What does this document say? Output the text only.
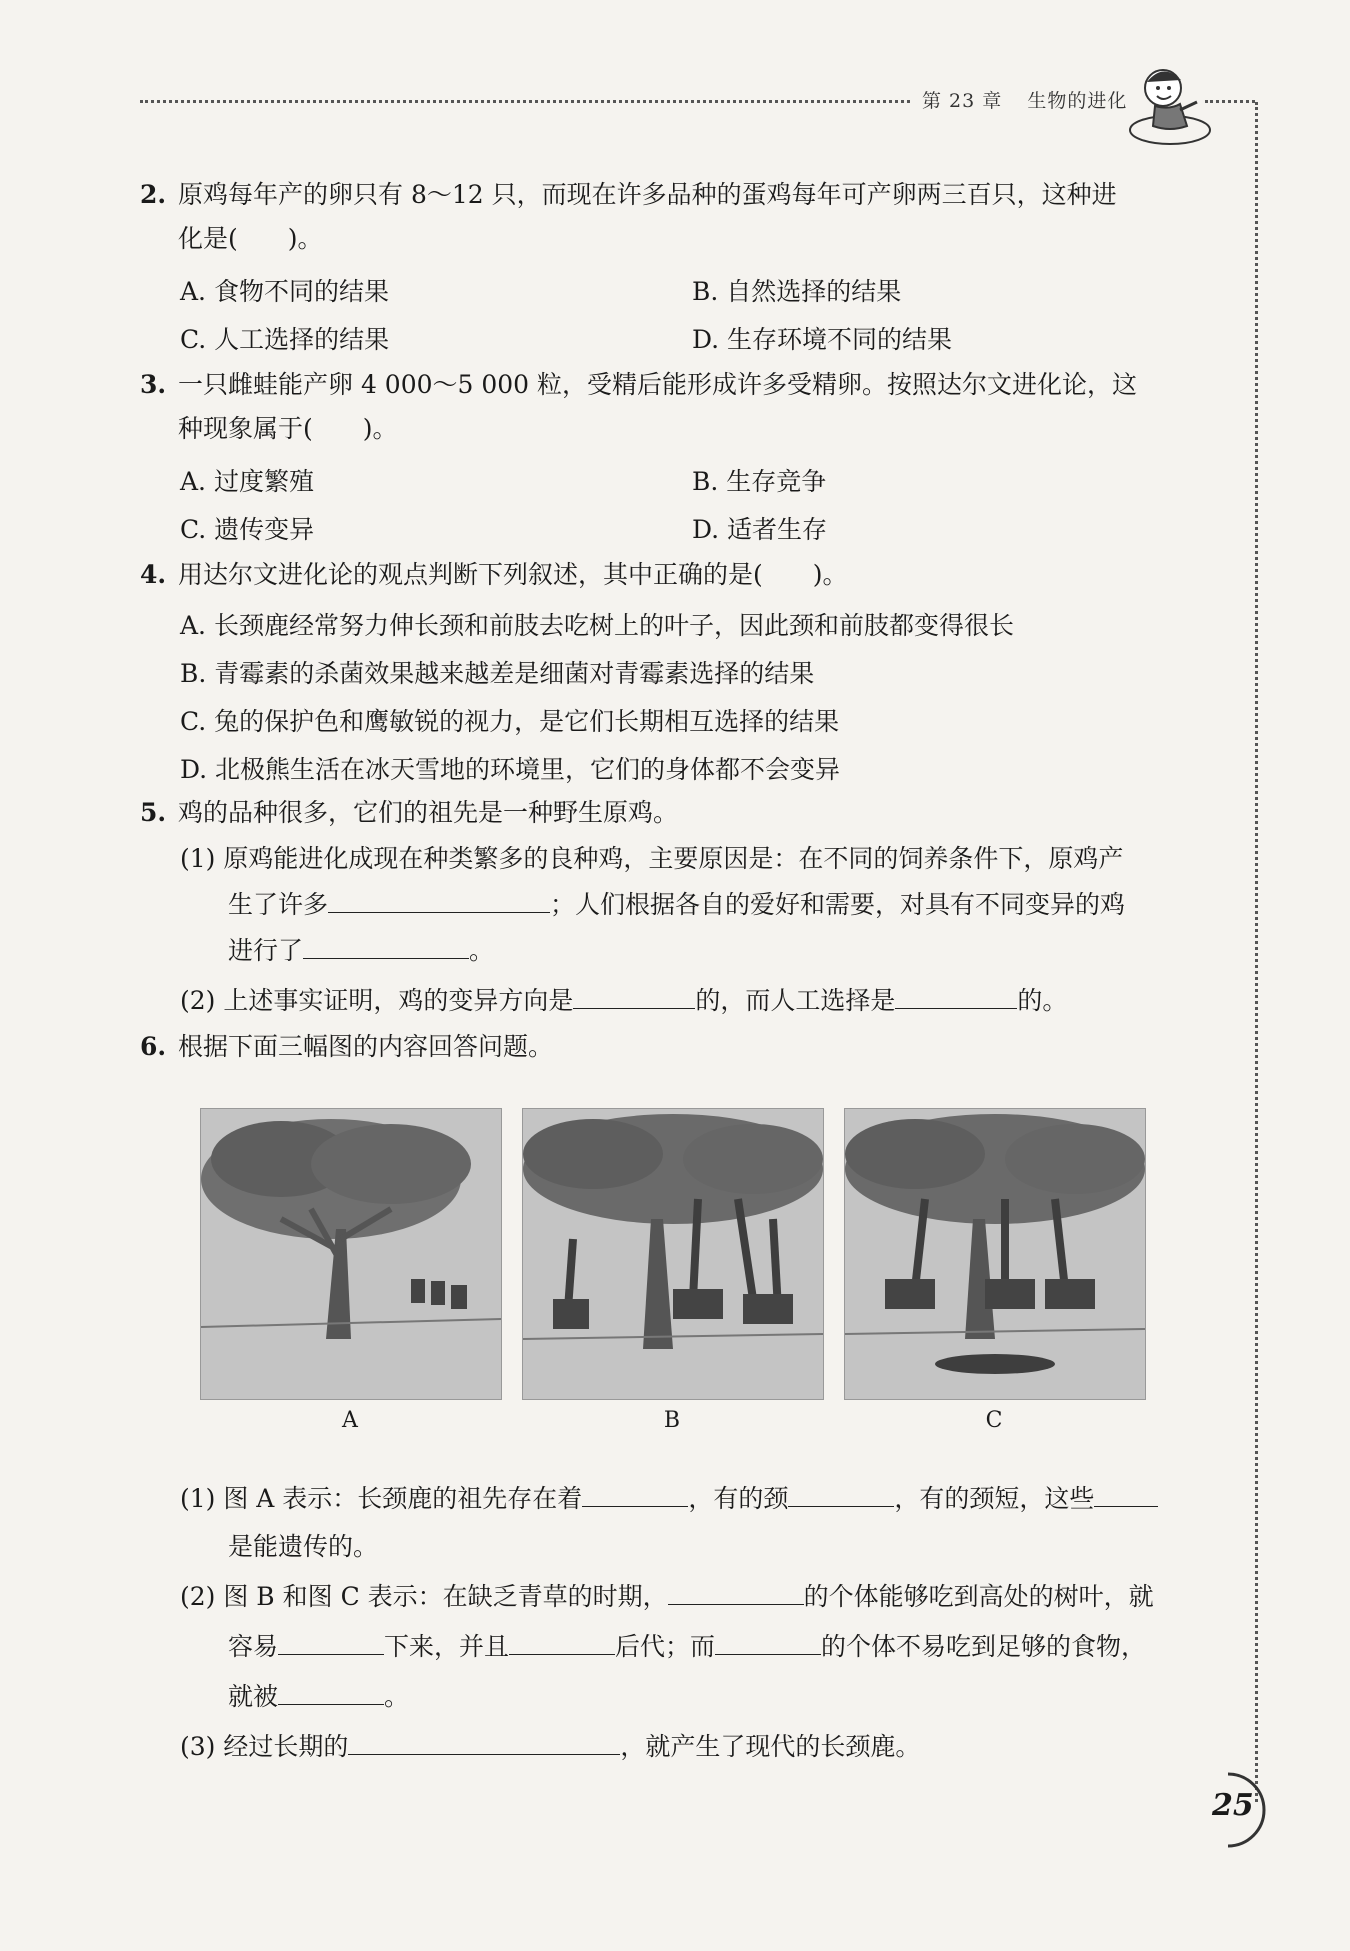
第 23 章 生物的进化
2. 原鸡每年产的卵只有 8～12 只，而现在许多品种的蛋鸡每年可产卵两三百只，这种进
化是(　　)。
A. 食物不同的结果	B. 自然选择的结果
C. 人工选择的结果	D. 生存环境不同的结果
3. 一只雌蛙能产卵 4 000～5 000 粒，受精后能形成许多受精卵。按照达尔文进化论，这
种现象属于(　　)。
A. 过度繁殖	B. 生存竞争
C. 遗传变异	D. 适者生存
4. 用达尔文进化论的观点判断下列叙述，其中正确的是(　　)。
A. 长颈鹿经常努力伸长颈和前肢去吃树上的叶子，因此颈和前肢都变得很长
B. 青霉素的杀菌效果越来越差是细菌对青霉素选择的结果
C. 兔的保护色和鹰敏锐的视力，是它们长期相互选择的结果
D. 北极熊生活在冰天雪地的环境里，它们的身体都不会变异
5. 鸡的品种很多，它们的祖先是一种野生原鸡。
(1) 原鸡能进化成现在种类繁多的良种鸡，主要原因是：在不同的饲养条件下，原鸡产
生了许多	；人们根据各自的爱好和需要，对具有不同变异的鸡
进行了	。
(2) 上述事实证明，鸡的变异方向是	的，而人工选择是	的。
6. 根据下面三幅图的内容回答问题。
A	B	C
(1) 图 A 表示：长颈鹿的祖先存在着	，有的颈	，有的颈短，这些
是能遗传的。
(2) 图 B 和图 C 表示：在缺乏青草的时期，	的个体能够吃到高处的树叶，就
容易	下来，并且	后代；而	的个体不易吃到足够的食物，
就被	。
(3) 经过长期的	，就产生了现代的长颈鹿。
25
